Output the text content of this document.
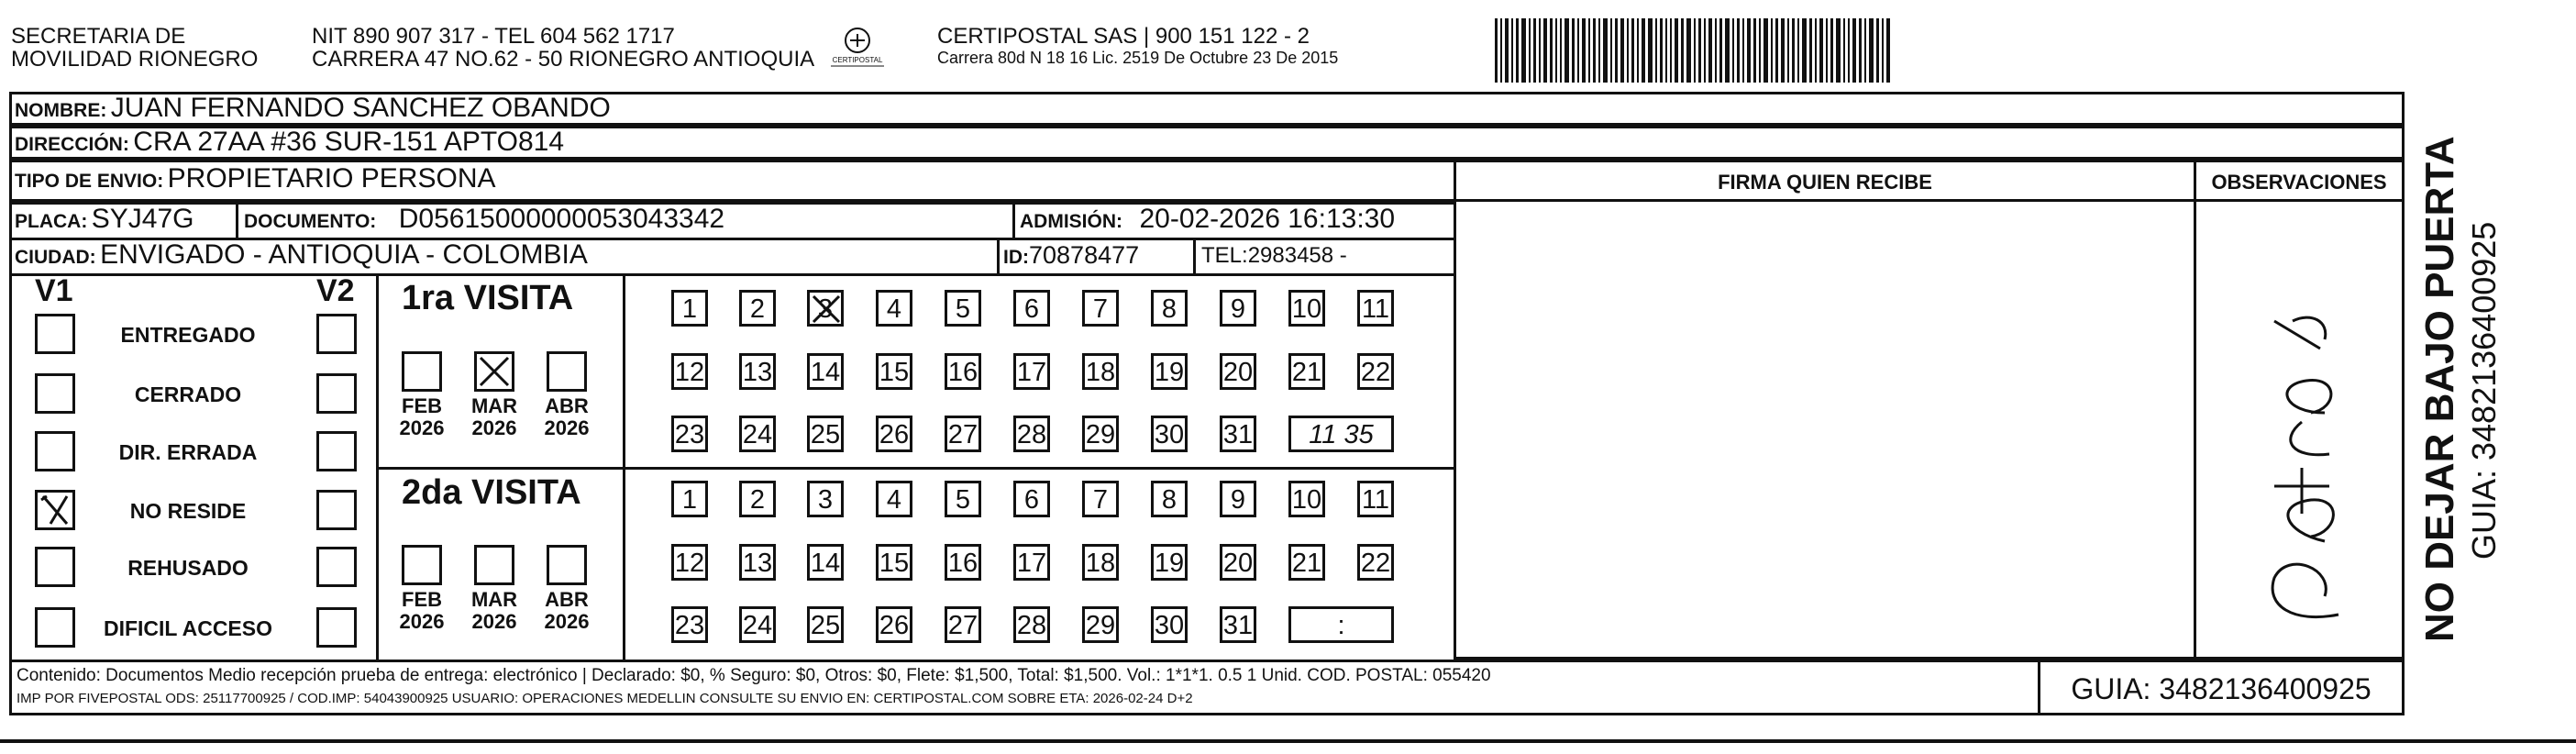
SECRETARIA DE
MOVILIDAD RIONEGRO
NIT 890 907 317 - TEL 604 562 1717
CARRERA 47 NO.62 - 50 RIONEGRO ANTIOQUIA CERTIPOSTAL
CERTIPOSTAL SAS | 900 151 122 - 2
Carrera 80d N 18 16 Lic. 2519 De Octubre 23 De 2015
NOMBRE: JUAN FERNANDO SANCHEZ OBANDO
DIRECCIÓN: CRA 27AA #36 SUR-151 APTO814
TIPO DE ENVIO: PROPIETARIO PERSONA	FIRMA QUIEN RECIBE	OBSERVACIONES
PLACA: SYJ47G	DOCUMENTO: D05615000000053043342	ADMISIÓN: 20-02-2026 16:13:30
CIUDAD: ENVIGADO - ANTIOQUIA - COLOMBIA	ID:70878477	TEL:2983458 -
V1	V2
ENTREGADO
CERRADO
DIR. ERRADA
NO RESIDE
REHUSADO
DIFICIL ACCESO
1ra VISITA
2da VISITA
FEB
2026
MAR
2026
ABR
2026
FEB
2026
MAR
2026
ABR
2026
1	2	3	4	5	6	7	8	9	10 11
12 13 14 15 16 17 18 19 20 21 22
23 24 25 26 27 28 29 30 31	11 35
1	2	3	4	5	6	7	8	9	10 11
12 13 14 15 16 17 18 19 20 21 22
23 24 25 26 27 28 29 30 31	:
Contenido: Documentos Medio recepción prueba de entrega: electrónico | Declarado: $0, % Seguro: $0, Otros: $0, Flete: $1,500, Total: $1,500. Vol.: 1*1*1. 0.5 1 Unid. COD. POSTAL: 055420
IMP POR FIVEPOSTAL ODS: 25117700925 / COD.IMP: 54043900925 USUARIO: OPERACIONES MEDELLIN CONSULTE SU ENVIO EN: CERTIPOSTAL.COM SOBRE ETA: 2026-02-24 D+2	GUIA: 3482136400925
NO DEJAR BAJO PUERTA GUIA: 3482136400925
